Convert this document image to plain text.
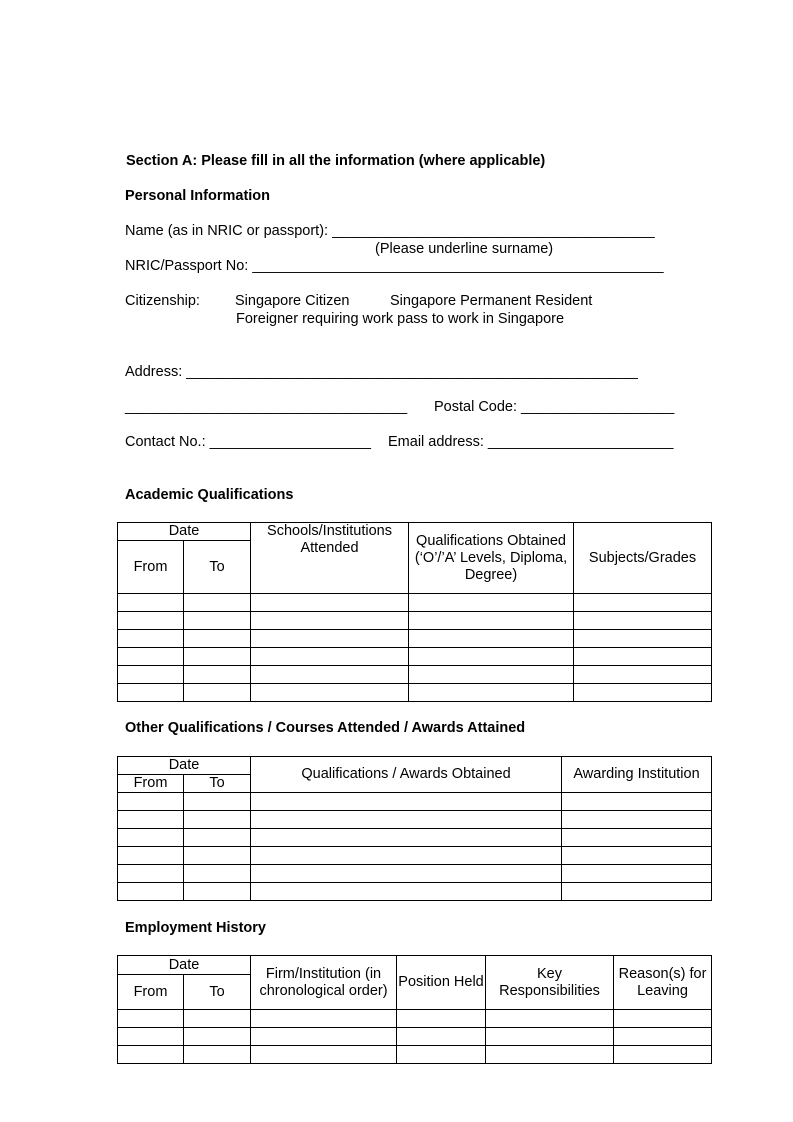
Section A: Please fill in all the information (where applicable)
Personal Information
Name (as in NRIC or passport): ________________________________________
(Please underline surname)
NRIC/Passport No: ___________________________________________________
Citizenship: Singapore Citizen	Singapore Permanent Resident
Foreigner requiring work pass to work in Singapore
Address: ________________________________________________________
___________________________________ Postal Code: ___________________
Contact No.: ____________________ Email address: _______________________
Academic Qualifications
Date		Schools/Institutions Attended	Qualifications Obtained (‘O’/’A’ Levels, Diploma, Degree)	Subjects/Grades
From	To			

Other Qualifications / Courses Attended / Awards Attained
Date		Qualifications / Awards Obtained	Awarding Institution
From	To		

Employment History
Date		Firm/Institution (in chronological order)	Position Held	Key Responsibilities	Reason(s) for Leaving
From	To				
